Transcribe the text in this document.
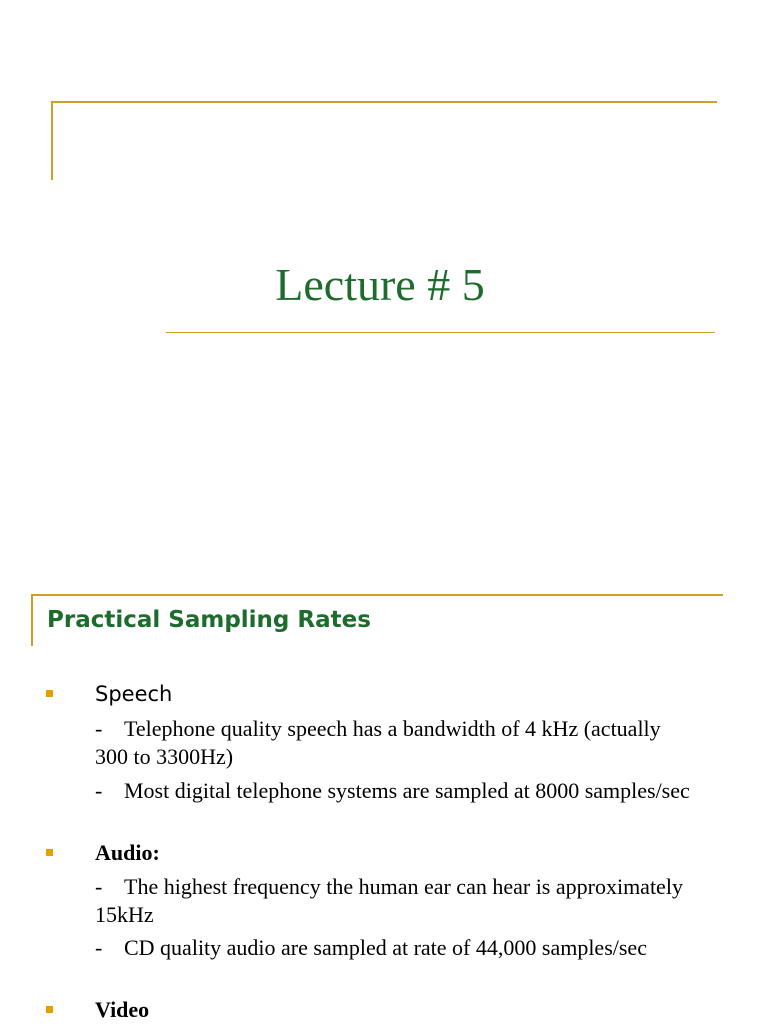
Lecture # 5
Practical Sampling Rates
Speech
- Telephone quality speech has a bandwidth of 4 kHz (actually 300 to 3300Hz)
- Most digital telephone systems are sampled at 8000 samples/sec
Audio:
- The highest frequency the human ear can hear is approximately 15kHz
- CD quality audio are sampled at rate of 44,000 samples/sec
Video
